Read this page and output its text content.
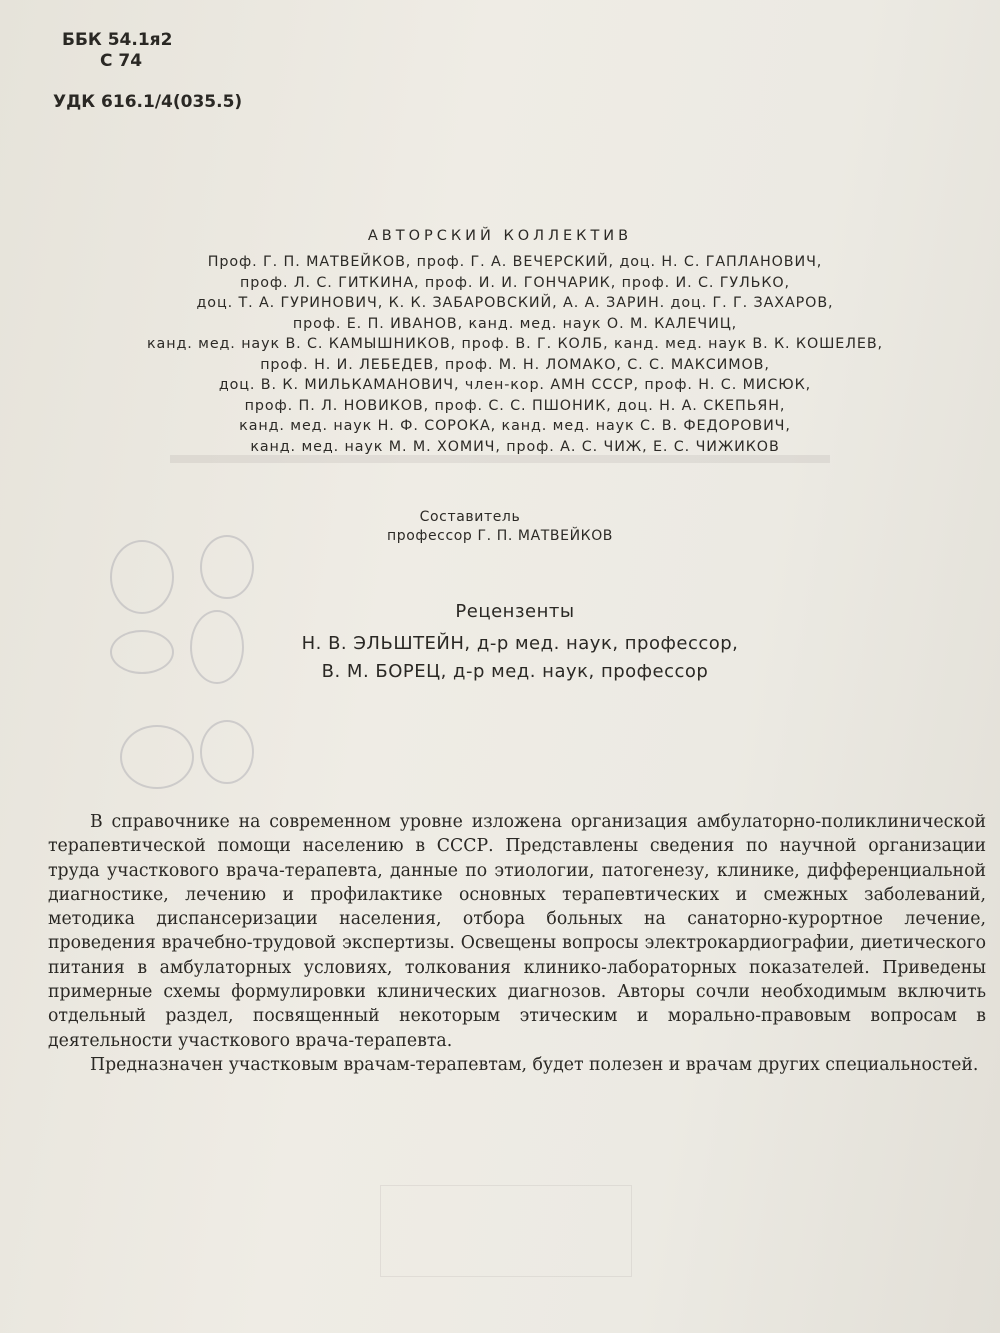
ББК 54.1я2
С 74
УДК 616.1/4(035.5)
АВТОРСКИЙ КОЛЛЕКТИВ
Проф. Г. П. МАТВЕЙКОВ, проф. Г. А. ВЕЧЕРСКИЙ, доц. Н. С. ГАПЛАНОВИЧ,
проф. Л. С. ГИТКИНА, проф. И. И. ГОНЧАРИК, проф. И. С. ГУЛЬКО,
доц. Т. А. ГУРИНОВИЧ, К. К. ЗАБАРОВСКИЙ, А. А. ЗАРИН. доц. Г. Г. ЗАХАРОВ,
проф. Е. П. ИВАНОВ, канд. мед. наук О. М. КАЛЕЧИЦ,
канд. мед. наук В. С. КАМЫШНИКОВ, проф. В. Г. КОЛБ, канд. мед. наук В. К. КОШЕЛЕВ,
проф. Н. И. ЛЕБЕДЕВ, проф. М. Н. ЛОМАКО, С. С. МАКСИМОВ,
доц. В. К. МИЛЬКАМАНОВИЧ, член-кор. АМН СССР, проф. Н. С. МИСЮК,
проф. П. Л. НОВИКОВ, проф. С. С. ПШОНИК, доц. Н. А. СКЕПЬЯН,
канд. мед. наук Н. Ф. СОРОКА, канд. мед. наук С. В. ФЕДОРОВИЧ,
канд. мед. наук М. М. ХОМИЧ, проф. А. С. ЧИЖ, Е. С. ЧИЖИКОВ
Составитель
профессор Г. П. МАТВЕЙКОВ
Рецензенты
Н. В. ЭЛЬШТЕЙН, д-р мед. наук, профессор,
В. М. БОРЕЦ, д-р мед. наук, профессор

В справочнике на современном уровне изложена организация амбулаторно-поликлинической терапевтической помощи населению в СССР. Представлены сведения по научной организации труда участкового врача-терапевта, данные по этиологии, патогенезу, клинике, дифференциальной диагностике, лечению и профилактике основных терапевтических и смежных заболеваний, методика диспансеризации населения, отбора больных на санаторно-курортное лечение, проведения врачебно-трудовой экспертизы. Освещены вопросы электрокардиографии, диетического питания в амбулаторных условиях, толкования клинико-лабораторных показателей. Приведены примерные схемы формулировки клинических диагнозов. Авторы сочли необходимым включить отдельный раздел, посвященный некоторым этическим и морально-правовым вопросам в деятельности участкового врача-терапевта.

Предназначен участковым врачам-терапевтам, будет полезен и врачам других специальностей.
